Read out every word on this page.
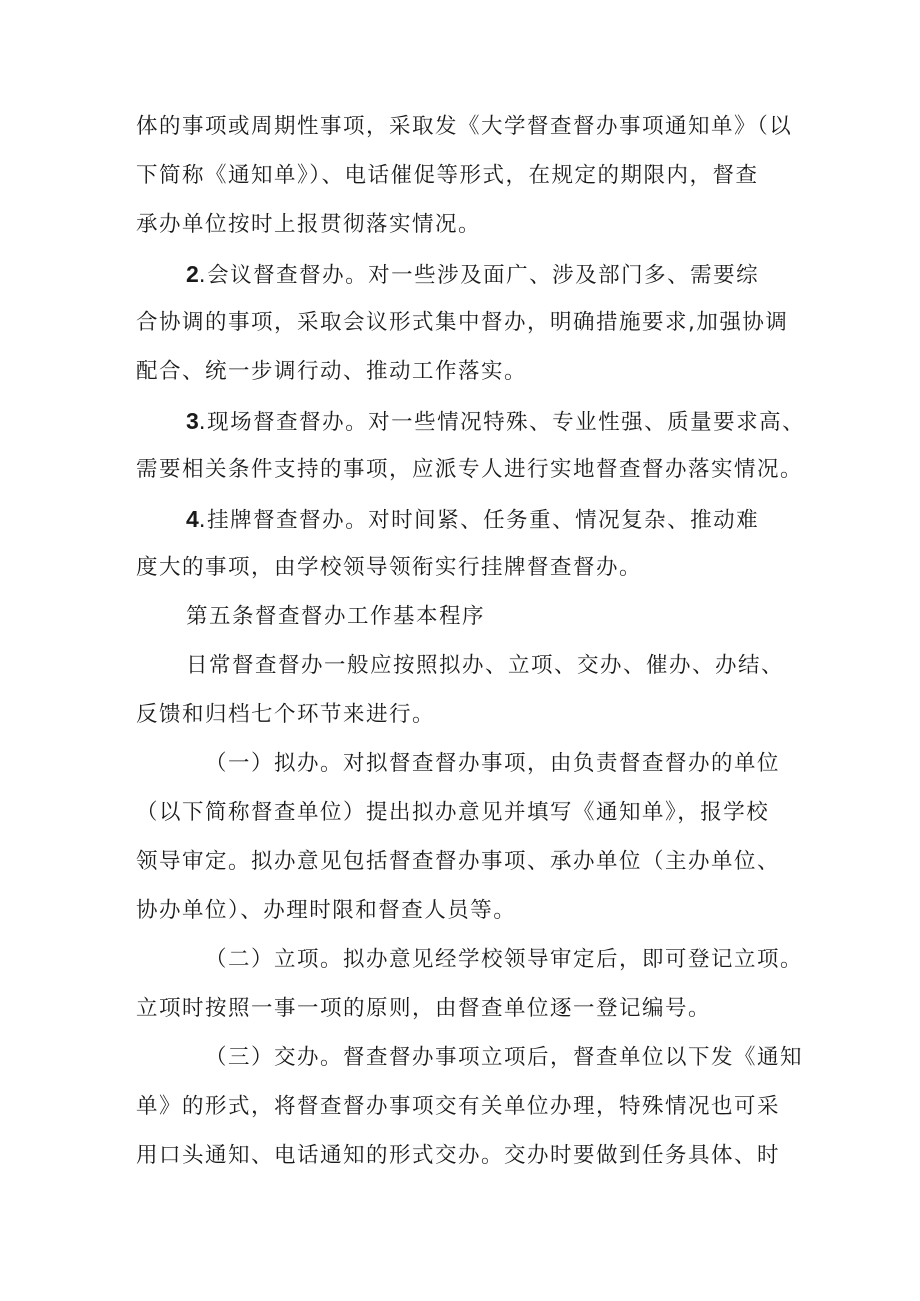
体的事项或周期性事项，采取发《大学督查督办事项通知单》（以
下简称《通知单》）、电话催促等形式，在规定的期限内，督查
承办单位按时上报贯彻落实情况。
2.会议督查督办。对一些涉及面广、涉及部门多、需要综
合协调的事项，采取会议形式集中督办，明确措施要求,加强协调
配合、统一步调行动、推动工作落实。
3.现场督查督办。对一些情况特殊、专业性强、质量要求高、
需要相关条件支持的事项，应派专人进行实地督查督办落实情况。
4.挂牌督查督办。对时间紧、任务重、情况复杂、推动难
度大的事项，由学校领导领衔实行挂牌督查督办。
第五条督查督办工作基本程序
日常督查督办一般应按照拟办、立项、交办、催办、办结、
反馈和归档七个环节来进行。
（一）拟办。对拟督查督办事项，由负责督查督办的单位
（以下简称督查单位）提出拟办意见并填写《通知单》，报学校
领导审定。拟办意见包括督查督办事项、承办单位（主办单位、
协办单位）、办理时限和督查人员等。
（二）立项。拟办意见经学校领导审定后，即可登记立项。
立项时按照一事一项的原则，由督查单位逐一登记编号。
（三）交办。督查督办事项立项后，督查单位以下发《通知
单》的形式，将督查督办事项交有关单位办理，特殊情况也可采
用口头通知、电话通知的形式交办。交办时要做到任务具体、时
